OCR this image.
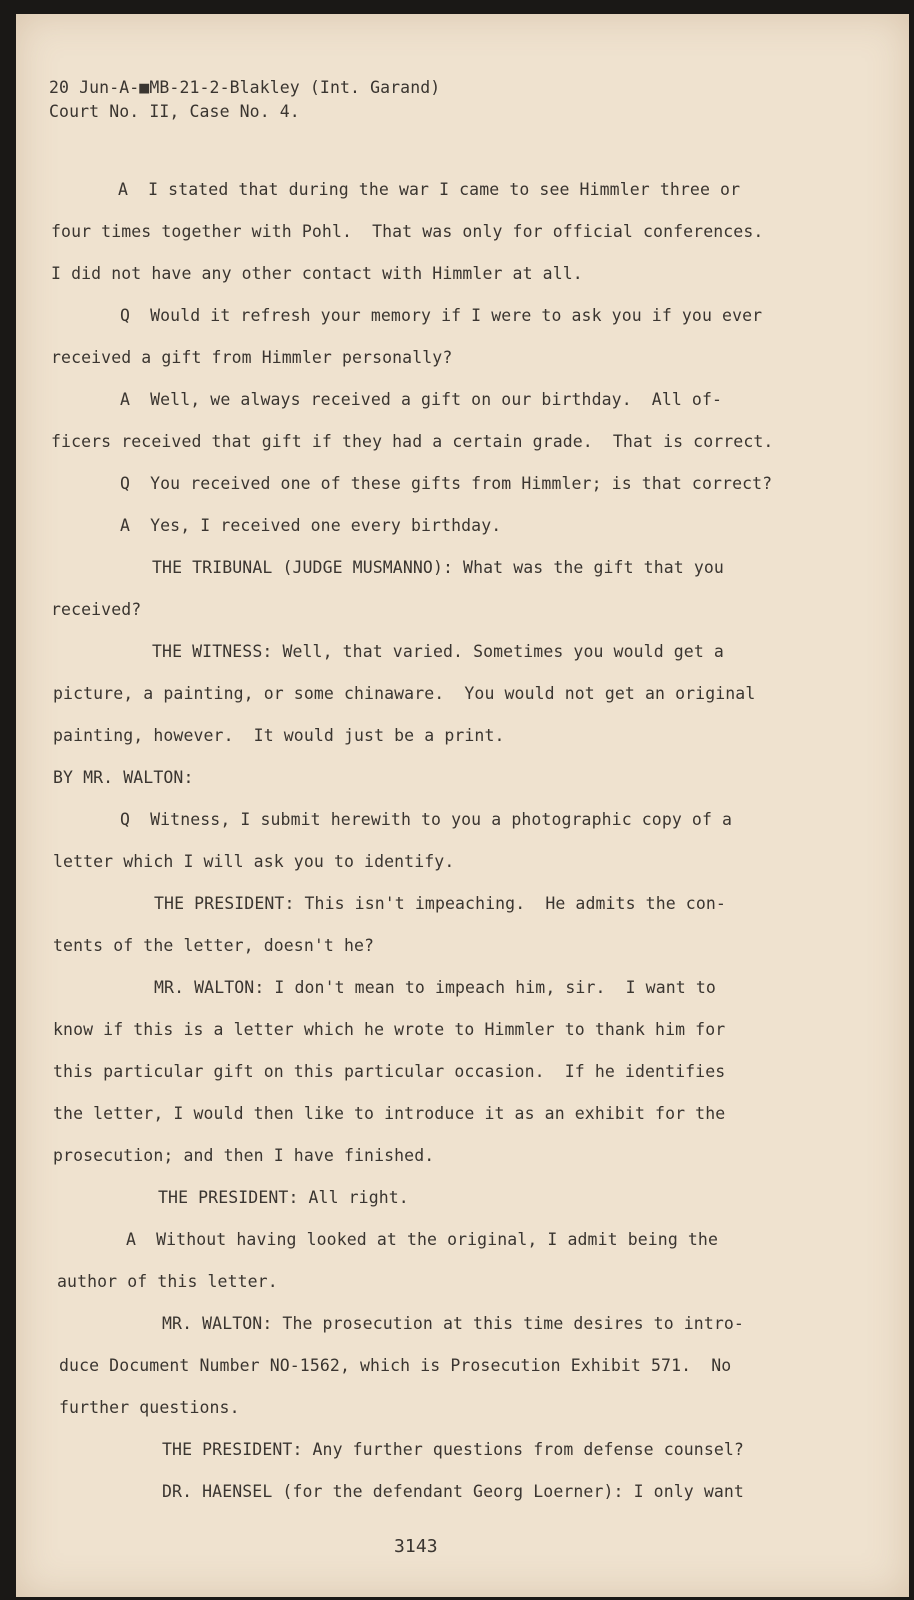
20 Jun-A-■MB-21-2-Blakley (Int. Garand)
Court No. II, Case No. 4.
A  I stated that during the war I came to see Himmler three or
four times together with Pohl.  That was only for official conferences.
I did not have any other contact with Himmler at all.
Q  Would it refresh your memory if I were to ask you if you ever
received a gift from Himmler personally?
A  Well, we always received a gift on our birthday.  All of-
ficers received that gift if they had a certain grade.  That is correct.
Q  You received one of these gifts from Himmler; is that correct?
A  Yes, I received one every birthday.
THE TRIBUNAL (JUDGE MUSMANNO): What was the gift that you
received?
THE WITNESS: Well, that varied. Sometimes you would get a
picture, a painting, or some chinaware.  You would not get an original
painting, however.  It would just be a print.
BY MR. WALTON:
Q  Witness, I submit herewith to you a photographic copy of a
letter which I will ask you to identify.
THE PRESIDENT: This isn't impeaching.  He admits the con-
tents of the letter, doesn't he?
MR. WALTON: I don't mean to impeach him, sir.  I want to
know if this is a letter which he wrote to Himmler to thank him for
this particular gift on this particular occasion.  If he identifies
the letter, I would then like to introduce it as an exhibit for the
prosecution; and then I have finished.
THE PRESIDENT: All right.
A  Without having looked at the original, I admit being the
author of this letter.
MR. WALTON: The prosecution at this time desires to intro-
duce Document Number NO-1562, which is Prosecution Exhibit 571.  No
further questions.
THE PRESIDENT: Any further questions from defense counsel?
DR. HAENSEL (for the defendant Georg Loerner): I only want
3143
